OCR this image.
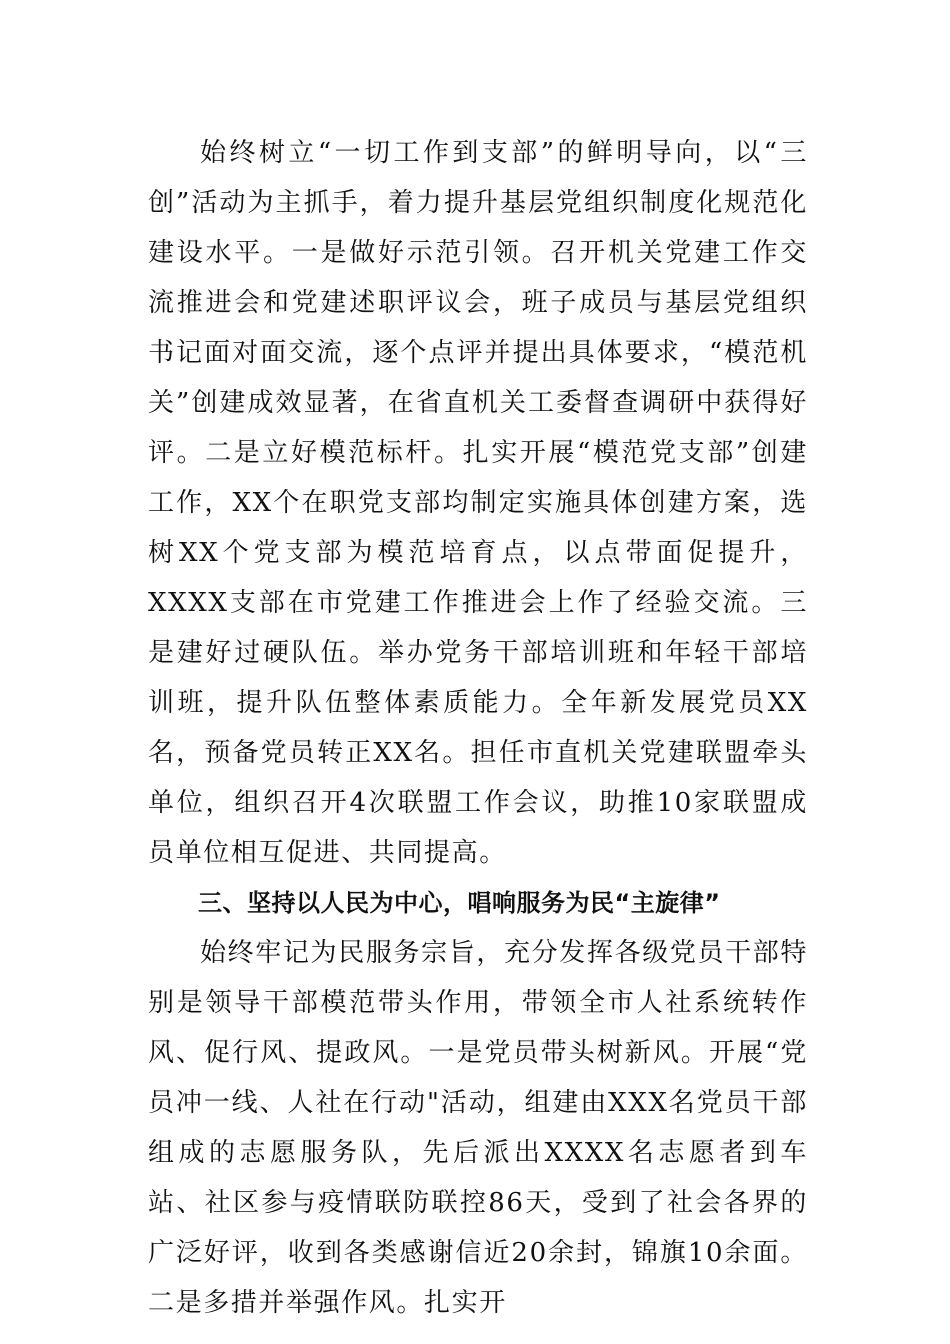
始终树立“一切工作到支部”的鲜明导向，以“三创”活动为主抓手，着力提升基层党组织制度化规范化建设水平。一是做好示范引领。召开机关党建工作交流推进会和党建述职评议会，班子成员与基层党组织书记面对面交流，逐个点评并提出具体要求，“模范机关”创建成效显著，在省直机关工委督查调研中获得好评。二是立好模范标杆。扎实开展“模范党支部”创建工作，XX个在职党支部均制定实施具体创建方案，选树XX个党支部为模范培育点，以点带面促提升，XXXX支部在市党建工作推进会上作了经验交流。三是建好过硬队伍。举办党务干部培训班和年轻干部培训班，提升队伍整体素质能力。全年新发展党员XX名，预备党员转正XX名。担任市直机关党建联盟牵头单位，组织召开4次联盟工作会议，助推10家联盟成员单位相互促进、共同提高。

三、坚持以人民为中心，唱响服务为民“主旋律”

始终牢记为民服务宗旨，充分发挥各级党员干部特别是领导干部模范带头作用，带领全市人社系统转作风、促行风、提政风。一是党员带头树新风。开展“党员冲一线、人社在行动"活动，组建由XXX名党员干部组成的志愿服务队，先后派出XXXX名志愿者到车站、社区参与疫情联防联控86天，受到了社会各界的广泛好评，收到各类感谢信近20余封，锦旗10余面。二是多措并举强作风。扎实开
